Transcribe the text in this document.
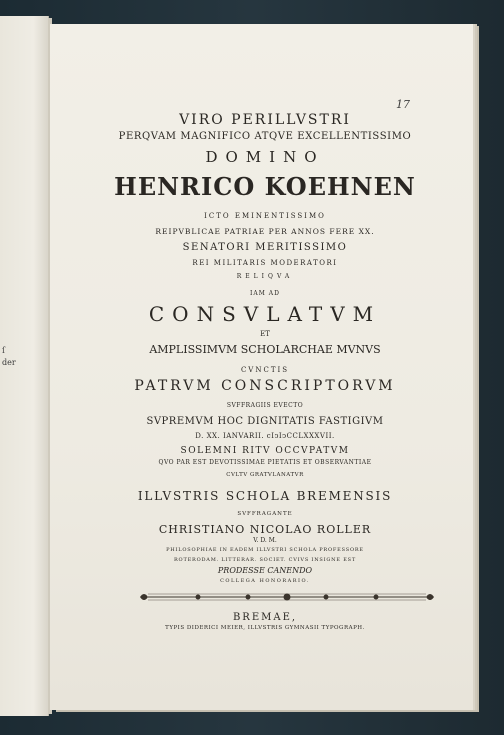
ſ
der
17
VIRO PERILLVSTRI
PERQVAM MAGNIFICO ATQVE EXCELLENTISSIMO
DOMINO
HENRICO KOEHNEN
ICTO EMINENTISSIMO
REIPVBLICAE PATRIAE PER ANNOS FERE XX.
SENATORI MERITISSIMO
REI MILITARIS MODERATORI
RELIQVA
IAM AD
CONSVLATVM
ET
AMPLISSIMVM SCHOLARCHAE MVNVS
CVNCTIS
PATRVM CONSCRIPTORVM
SVFFRAGIIS EVECTO
SVPREMVM HOC DIGNITATIS FASTIGIVM
D. XX. IANVARII. cIↄIↄCCLXXXVII.
SOLEMNI RITV OCCVPATVM
QVO PAR EST DEVOTISSIMAE PIETATIS ET OBSERVANTIAE
CVLTV GRATVLANATVR
ILLVSTRIS SCHOLA BREMENSIS
SVFFRAGANTE
CHRISTIANO NICOLAO ROLLER
V. D. M.
PHILOSOPHIAE IN EADEM ILLVSTRI SCHOLA PROFESSORE
ROTERODAM. LITTERAR. SOCIET. CVIVS INSIGNE EST
PRODESSE CANENDO
COLLEGA HONORARIO.
BREMAE,
TYPIS DIDERICI MEIER, ILLVSTRIS GYMNASII TYPOGRAPH.
